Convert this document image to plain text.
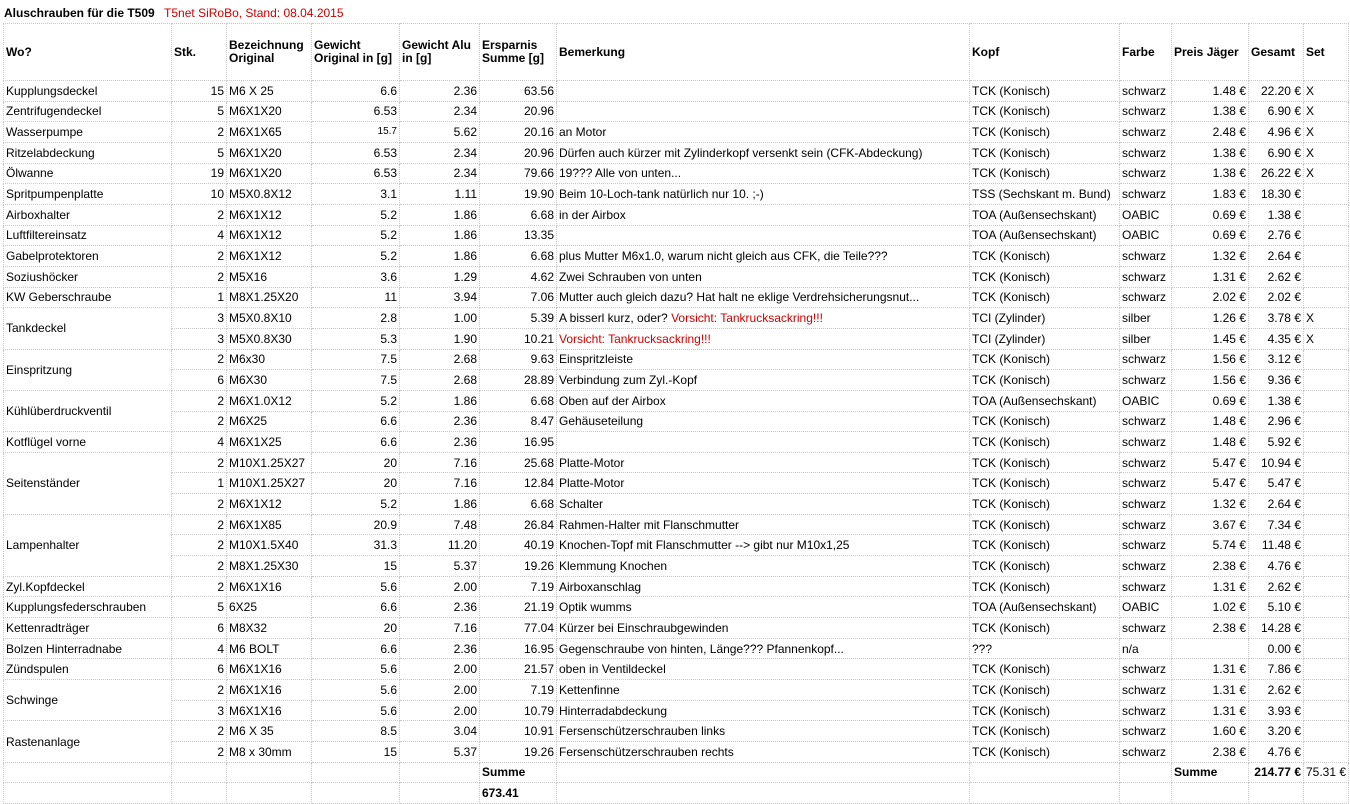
Aluschrauben für die T509 T5net SiRoBo, Stand: 08.04.2015
Wo?	Stk.	Bezeichnung Original	Gewicht Original in [g]	Gewicht Alu in [g]	Ersparnis Summe [g]	Bemerkung	Kopf	Farbe	Preis Jäger	Gesamt	Set
Kupplungsdeckel	15	M6 X 25	6.6	2.36	63.56		TCK (Konisch)	schwarz	1.48 €	22.20 €	X
Zentrifugendeckel	5	M6X1X20	6.53	2.34	20.96		TCK (Konisch)	schwarz	1.38 €	6.90 €	X
Wasserpumpe	2	M6X1X65	15.7	5.62	20.16	an Motor	TCK (Konisch)	schwarz	2.48 €	4.96 €	X
Ritzelabdeckung	5	M6X1X20	6.53	2.34	20.96	Dürfen auch kürzer mit Zylinderkopf versenkt sein (CFK-Abdeckung)	TCK (Konisch)	schwarz	1.38 €	6.90 €	X
Ölwanne	19	M6X1X20	6.53	2.34	79.66	19??? Alle von unten...	TCK (Konisch)	schwarz	1.38 €	26.22 €	X
Spritpumpenplatte	10	M5X0.8X12	3.1	1.11	19.90	Beim 10-Loch-tank natürlich nur 10. ;-)	TSS (Sechskant m. Bund)	schwarz	1.83 €	18.30 €	
Airboxhalter	2	M6X1X12	5.2	1.86	6.68	in der Airbox	TOA (Außensechskant)	OABIC	0.69 €	1.38 €	
Luftfiltereinsatz	4	M6X1X12	5.2	1.86	13.35		TOA (Außensechskant)	OABIC	0.69 €	2.76 €	
Gabelprotektoren	2	M6X1X12	5.2	1.86	6.68	plus Mutter M6x1.0, warum nicht gleich aus CFK, die Teile???	TCK (Konisch)	schwarz	1.32 €	2.64 €	
Soziushöcker	2	M5X16	3.6	1.29	4.62	Zwei Schrauben von unten	TCK (Konisch)	schwarz	1.31 €	2.62 €	
KW Geberschraube	1	M8X1.25X20	11	3.94	7.06	Mutter auch gleich dazu? Hat halt ne eklige Verdrehsicherungsnut...	TCK (Konisch)	schwarz	2.02 €	2.02 €	
Tankdeckel	3	M5X0.8X10	2.8	1.00	5.39	A bisserl kurz, oder? Vorsicht: Tankrucksackring!!!	TCI (Zylinder)	silber	1.26 €	3.78 €	X
	3	M5X0.8X30	5.3	1.90	10.21	Vorsicht: Tankrucksackring!!!	TCI (Zylinder)	silber	1.45 €	4.35 €	X
Einspritzung	2	M6x30	7.5	2.68	9.63	Einspritzleiste	TCK (Konisch)	schwarz	1.56 €	3.12 €	
	6	M6X30	7.5	2.68	28.89	Verbindung zum Zyl.-Kopf	TCK (Konisch)	schwarz	1.56 €	9.36 €	
Kühlüberdruckventil	2	M6X1.0X12	5.2	1.86	6.68	Oben auf der Airbox	TOA (Außensechskant)	OABIC	0.69 €	1.38 €	
	2	M6X25	6.6	2.36	8.47	Gehäuseteilung	TCK (Konisch)	schwarz	1.48 €	2.96 €	
Kotflügel vorne	4	M6X1X25	6.6	2.36	16.95		TCK (Konisch)	schwarz	1.48 €	5.92 €	
Seitenständer	2	M10X1.25X27	20	7.16	25.68	Platte-Motor	TCK (Konisch)	schwarz	5.47 €	10.94 €	
	1	M10X1.25X27	20	7.16	12.84	Platte-Motor	TCK (Konisch)	schwarz	5.47 €	5.47 €	
	2	M6X1X12	5.2	1.86	6.68	Schalter	TCK (Konisch)	schwarz	1.32 €	2.64 €	
Lampenhalter	2	M6X1X85	20.9	7.48	26.84	Rahmen-Halter mit Flanschmutter	TCK (Konisch)	schwarz	3.67 €	7.34 €	
	2	M10X1.5X40	31.3	11.20	40.19	Knochen-Topf mit Flanschmutter --> gibt nur M10x1,25	TCK (Konisch)	schwarz	5.74 €	11.48 €	
	2	M8X1.25X30	15	5.37	19.26	Klemmung Knochen	TCK (Konisch)	schwarz	2.38 €	4.76 €	
Zyl.Kopfdeckel	2	M6X1X16	5.6	2.00	7.19	Airboxanschlag	TCK (Konisch)	schwarz	1.31 €	2.62 €	
Kupplungsfederschrauben	5	6X25	6.6	2.36	21.19	Optik wumms	TOA (Außensechskant)	OABIC	1.02 €	5.10 €	
Kettenradträger	6	M8X32	20	7.16	77.04	Kürzer bei Einschraubgewinden	TCK (Konisch)	schwarz	2.38 €	14.28 €	
Bolzen Hinterradnabe	4	M6 BOLT	6.6	2.36	16.95	Gegenschraube von hinten, Länge??? Pfannenkopf...	???	n/a		0.00 €	
Zündspulen	6	M6X1X16	5.6	2.00	21.57	oben in Ventildeckel	TCK (Konisch)	schwarz	1.31 €	7.86 €	
Schwinge	2	M6X1X16	5.6	2.00	7.19	Kettenfinne	TCK (Konisch)	schwarz	1.31 €	2.62 €	
	3	M6X1X16	5.6	2.00	10.79	Hinterradabdeckung	TCK (Konisch)	schwarz	1.31 €	3.93 €	
Rastenanlage	2	M6 X 35	8.5	3.04	10.91	Fersenschützerschrauben links	TCK (Konisch)	schwarz	1.60 €	3.20 €	
	2	M8 x 30mm	15	5.37	19.26	Fersenschützerschrauben rechts	TCK (Konisch)	schwarz	2.38 €	4.76 €	
					Summe				Summe	214.77 €	75.31 €
					673.41						
